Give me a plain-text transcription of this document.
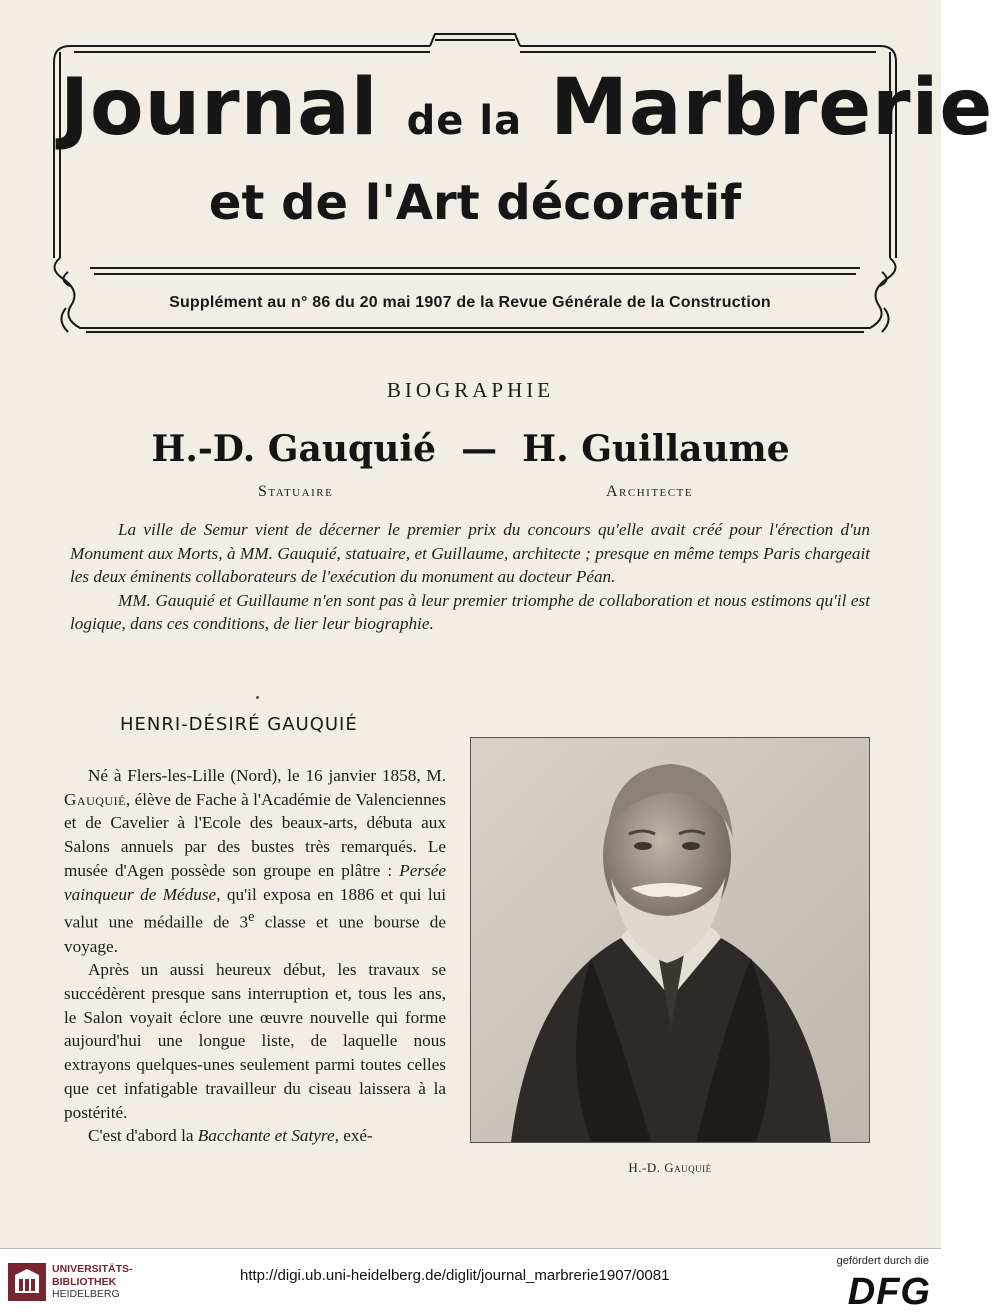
Journal de la Marbrerie
et de l'Art décoratif
Supplément au n° 86 du 20 mai 1907 de la Revue Générale de la Construction
BIOGRAPHIE
H.-D. Gauquié — H. Guillaume
Statuaire	Architecte

La ville de Semur vient de décerner le premier prix du concours qu'elle avait créé pour l'érection d'un Monument aux Morts, à MM. Gauquié, statuaire, et Guillaume, architecte ; presque en même temps Paris chargeait les deux éminents collaborateurs de l'exécution du monument au docteur Péan.

MM. Gauquié et Guillaume n'en sont pas à leur premier triomphe de collaboration et nous estimons qu'il est logique, dans ces conditions, de lier leur biographie.

HENRI-DÉSIRÉ GAUQUIÉ

Né à Flers-les-Lille (Nord), le 16 janvier 1858, M. Gauquié, élève de Fache à l'Académie de Valenciennes et de Cavelier à l'Ecole des beaux-arts, débuta aux Salons annuels par des bustes très remarqués. Le musée d'Agen possède son groupe en plâtre : Persée vainqueur de Méduse, qu'il exposa en 1886 et qui lui valut une médaille de 3e classe et une bourse de voyage.

Après un aussi heureux début, les travaux se succédèrent presque sans interruption et, tous les ans, le Salon voyait éclore une œuvre nouvelle qui forme aujourd'hui une longue liste, de laquelle nous extrayons quelques-unes seulement parmi toutes celles que cet infatigable travailleur du ciseau laissera à la postérité.

C'est d'abord la Bacchante et Satyre, exé-

H.-D. Gauquié
UNIVERSITÄTS-
BIBLIOTHEK
HEIDELBERG
http://digi.ub.uni-heidelberg.de/diglit/journal_marbrerie1907/0081
gefördert durch die
DFG
